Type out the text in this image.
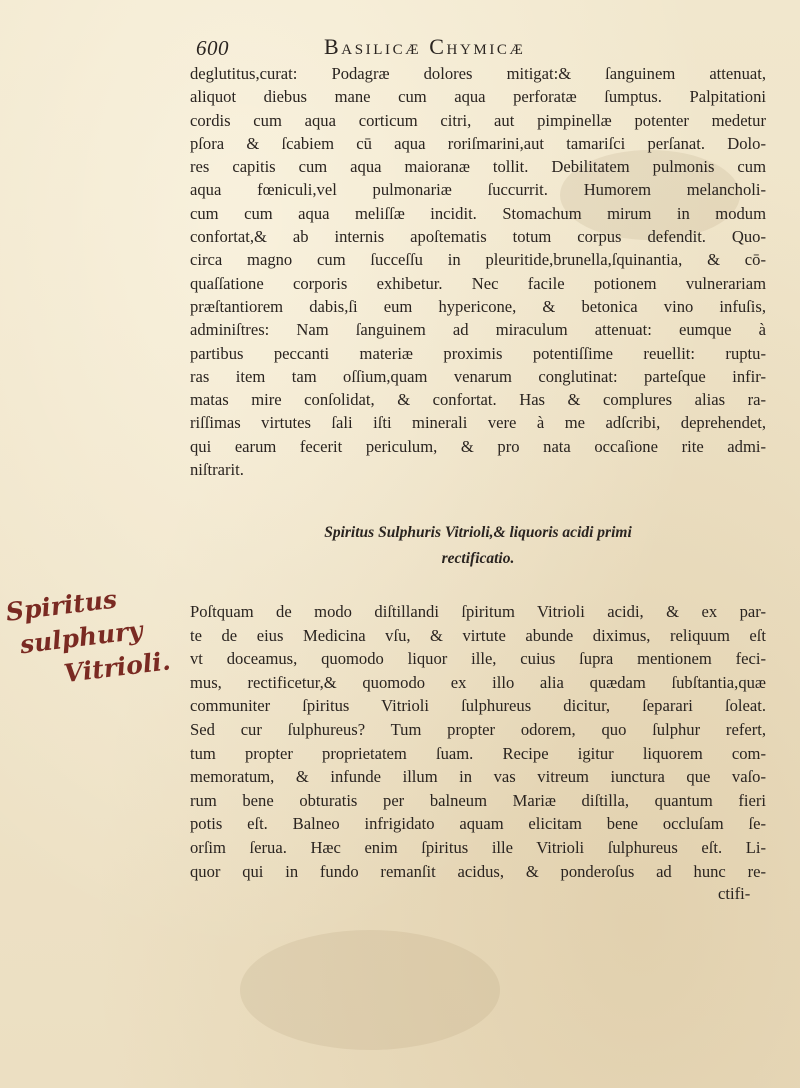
600	Basilicæ Chymicæ
deglutitus,curat: Podagræ dolores mitigat:& ſanguinem attenuat,
aliquot diebus mane cum aqua perforatæ ſumptus. Palpitationi
cordis cum aqua corticum citri, aut pimpinellæ potenter medetur
pſora & ſcabiem cū aqua roriſmarini,aut tamariſci perſanat. Dolo-
res capitis cum aqua maioranæ tollit. Debilitatem pulmonis cum
aqua fœniculi,vel pulmonariæ ſuccurrit. Humorem melancholi-
cum cum aqua meliſſæ incidit. Stomachum mirum in modum
confortat,& ab internis apoſtematis totum corpus defendit. Quo-
circa magno cum ſucceſſu in pleuritide,brunella,ſquinantia, & cō-
quaſſatione corporis exhibetur. Nec facile potionem vulnerariam
præſtantiorem dabis,ſi eum hypericone, & betonica vino infuſis,
adminiſtres: Nam ſanguinem ad miraculum attenuat: eumque à
partibus peccanti materiæ proximis potentiſſime reuellit: ruptu-
ras item tam oſſium,quam venarum conglutinat: parteſque infir-
matas mire conſolidat, & confortat. Has & complures alias ra-
riſſimas virtutes ſali iſti minerali vere à me adſcribi, deprehendet,
qui earum fecerit periculum, & pro nata occaſione rite admi-
niſtrarit.
Spiritus Sulphuris Vitrioli,& liquoris acidi primi
rectificatio.
Spiritus
sulphury
Vitrioli.
Poſtquam de modo diſtillandi ſpiritum Vitrioli acidi, & ex par-
te de eius Medicina vſu, & virtute abunde diximus, reliquum eſt
vt doceamus, quomodo liquor ille, cuius ſupra mentionem feci-
mus, rectificetur,& quomodo ex illo alia quædam ſubſtantia,quæ
communiter ſpiritus Vitrioli ſulphureus dicitur, ſeparari ſoleat.
Sed cur ſulphureus? Tum propter odorem, quo ſulphur refert,
tum propter proprietatem ſuam. Recipe igitur liquorem com-
memoratum, & infunde illum in vas vitreum iunctura que vaſo-
rum bene obturatis per balneum Mariæ diſtilla, quantum fieri
potis eſt. Balneo infrigidato aquam elicitam bene occluſam ſe-
orſim ſerua. Hæc enim ſpiritus ille Vitrioli ſulphureus eſt. Li-
quor qui in fundo remanſit acidus, & ponderoſus ad hunc re-
ctifi-
